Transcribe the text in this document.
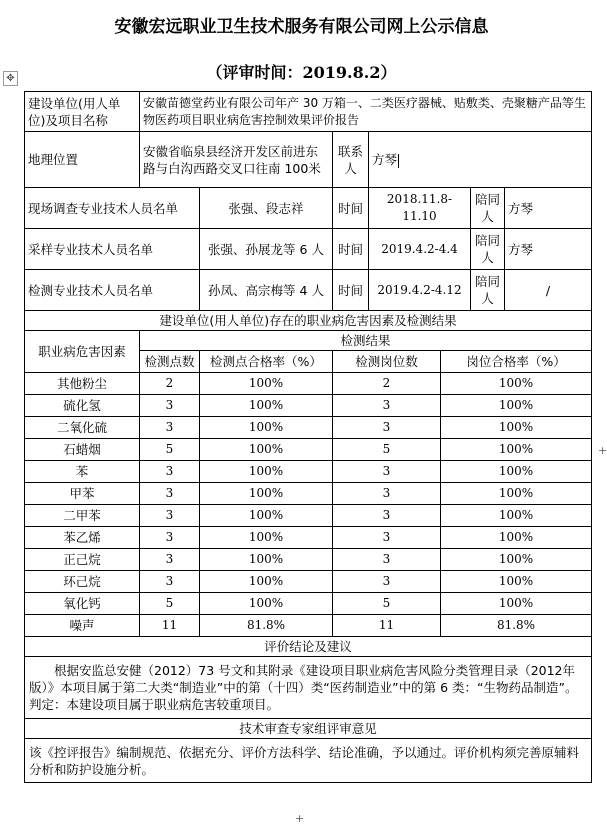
安徽宏远职业卫生技术服务有限公司网上公示信息
（评审时间：2019.8.2）
✥
+
+
建设单位(用人单位)及项目名称	安徽苗德堂药业有限公司年产 30 万箱一、二类医疗器械、贴敷类、壳聚糖产品等生物医药项目职业病危害控制效果评价报告						
地理位置	安徽省临泉县经济开发区前进东路与白沟西路交叉口往南 100米		联系人	方琴			
现场调查专业技术人员名单		张强、段志祥	时间	2018.11.8-11.10		陪同人	方琴
采样专业技术人员名单		张强、孙展龙等 6 人	时间	2019.4.2-4.4		陪同人	方琴
检测专业技术人员名单		孙凤、高宗梅等 4 人	时间	2019.4.2-4.12		陪同人	/
建设单位(用人单位)存在的职业病危害因素及检测结果							
职业病危害因素	检测结果						
	检测点数	检测点合格率（%）	检测岗位数		岗位合格率（%）		
其他粉尘	2	100%	2		100%		
硫化氢	3	100%	3		100%		
二氧化硫	3	100%	3		100%		
石蜡烟	5	100%	5		100%		
苯	3	100%	3		100%		
甲苯	3	100%	3		100%		
二甲苯	3	100%	3		100%		
苯乙烯	3	100%	3		100%		
正己烷	3	100%	3		100%		
环己烷	3	100%	3		100%		
氧化钙	5	100%	5		100%		
噪声	11	81.8%	11		81.8%		
评价结论及建议							
根据安监总安健（2012）73 号文和其附录《建设项目职业病危害风险分类管理目录（2012年版）》本项目属于第二大类“制造业”中的第（十四）类“医药制造业”中的第 6 类：“生物药品制造”。判定：本建设项目属于职业病危害较重项目。							
技术审查专家组评审意见							
该《控评报告》编制规范、依据充分、评价方法科学、结论准确，予以通过。评价机构须完善原辅料分析和防护设施分析。							
